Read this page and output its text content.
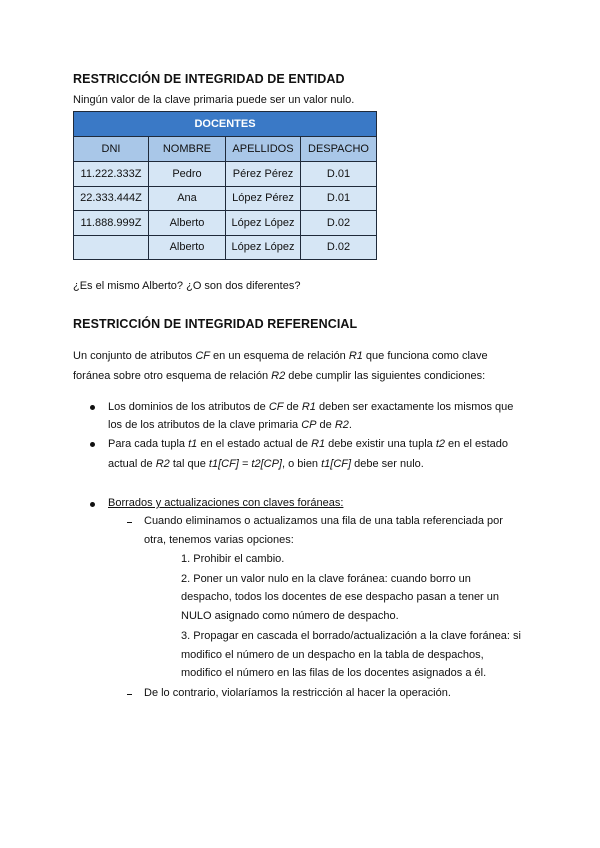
RESTRICCIÓN DE INTEGRIDAD DE ENTIDAD
Ningún valor de la clave primaria puede ser un valor nulo.
DOCENTES			
DNI	NOMBRE	APELLIDOS	DESPACHO
11.222.333Z	Pedro	Pérez Pérez	D.01
22.333.444Z	Ana	López Pérez	D.01
11.888.999Z	Alberto	López López	D.02
	Alberto	López López	D.02
¿Es el mismo Alberto? ¿O son dos diferentes?
RESTRICCIÓN DE INTEGRIDAD REFERENCIAL
Un conjunto de atributos CF en un esquema de relación R1 que funciona como clave
foránea sobre otro esquema de relación R2 debe cumplir las siguientes condiciones:
Los dominios de los atributos de CF de R1 deben ser exactamente los mismos que
los de los atributos de la clave primaria CP de R2.
Para cada tupla t1 en el estado actual de R1 debe existir una tupla t2 en el estado
actual de R2 tal que t1[CF] = t2[CP], o bien t1[CF] debe ser nulo.
Borrados y actualizaciones con claves foráneas:
Cuando eliminamos o actualizamos una fila de una tabla referenciada por
otra, tenemos varias opciones:
1. Prohibir el cambio.
2. Poner un valor nulo en la clave foránea: cuando borro un
despacho, todos los docentes de ese despacho pasan a tener un
NULO asignado como número de despacho.
3. Propagar en cascada el borrado/actualización a la clave foránea: si
modifico el número de un despacho en la tabla de despachos,
modifico el número en las filas de los docentes asignados a él.
De lo contrario, violaríamos la restricción al hacer la operación.
